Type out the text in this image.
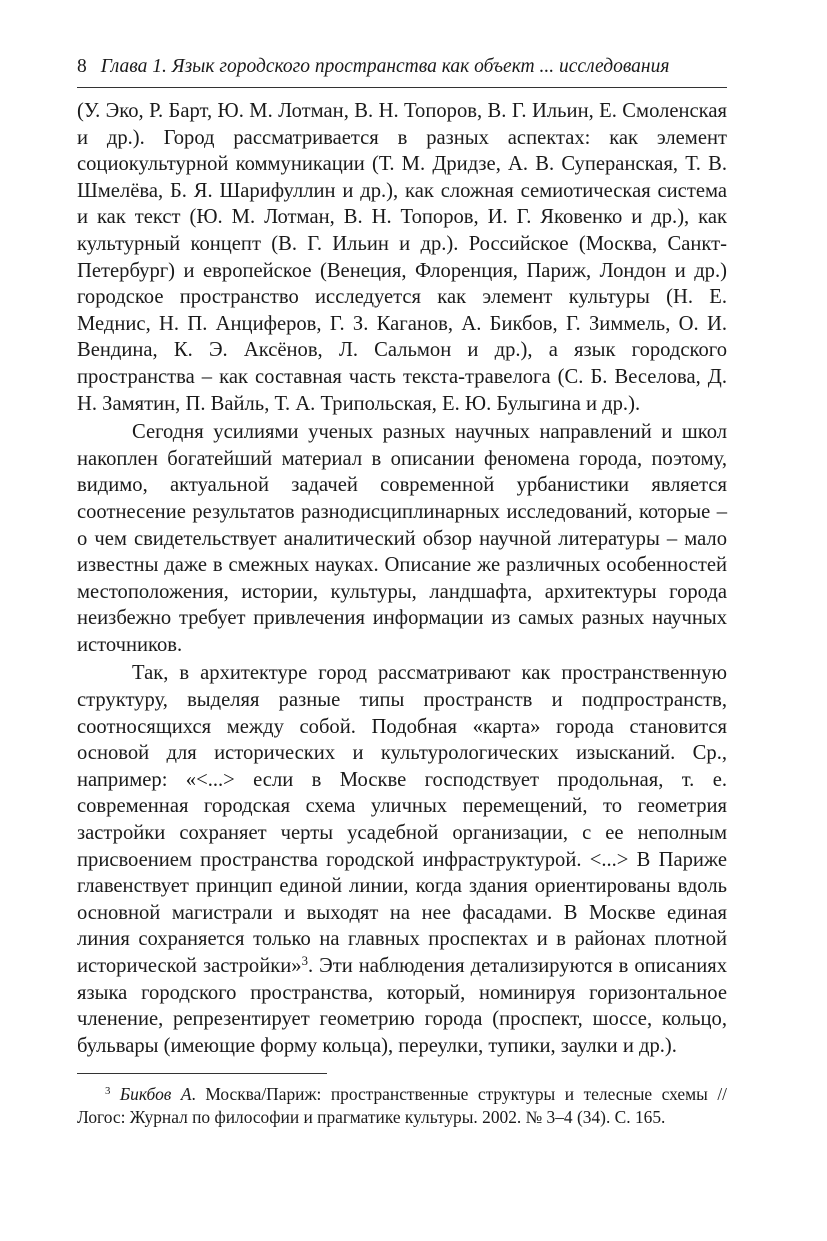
8 Глава 1. Язык городского пространства как объект ... исследования

(У. Эко, Р. Барт, Ю. М. Лотман, В. Н. Топоров, В. Г. Ильин, Е. Смоленская и др.). Город рассматривается в разных аспектах: как элемент социокультурной коммуникации (Т. М. Дридзе, А. В. Суперанская, Т. В. Шмелёва, Б. Я. Шарифуллин и др.), как сложная семиотическая система и как текст (Ю. М. Лотман, В. Н. Топоров, И. Г. Яковенко и др.), как культурный концепт (В. Г. Ильин и др.). Российское (Москва, Санкт-Петербург) и европейское (Венеция, Флоренция, Париж, Лондон и др.) городское пространство исследуется как элемент культуры (Н. Е. Меднис, Н. П. Анциферов, Г. З. Каганов, А. Бикбов, Г. Зиммель, О. И. Вендина, К. Э. Аксёнов, Л. Сальмон и др.), а язык городского пространства – как составная часть текста-травелога (С. Б. Веселова, Д. Н. Замятин, П. Вайль, Т. А. Трипольская, Е. Ю. Булыгина и др.).

Сегодня усилиями ученых разных научных направлений и школ накоплен богатейший материал в описании феномена города, поэтому, видимо, актуальной задачей современной урбанистики является соотнесение результатов разнодисциплинарных исследований, которые – о чем свидетельствует аналитический обзор научной литературы – мало известны даже в смежных науках. Описание же различных особенностей местоположения, истории, культуры, ландшафта, архитектуры города неизбежно требует привлечения информации из самых разных научных источников.

Так, в архитектуре город рассматривают как пространственную структуру, выделяя разные типы пространств и подпространств, соотносящихся между собой. Подобная «карта» города становится основой для исторических и культурологических изысканий. Ср., например: «<...> если в Москве господствует продольная, т. е. современная городская схема уличных перемещений, то геометрия застройки сохраняет черты усадебной организации, с ее неполным присвоением пространства городской инфраструктурой. <...> В Париже главенствует принцип единой линии, когда здания ориентированы вдоль основной магистрали и выходят на нее фасадами. В Москве единая линия сохраняется только на главных проспектах и в районах плотной исторической застройки»$^3$. Эти наблюдения детализируются в описаниях языка городского пространства, который, номинируя горизонтальное членение, репрезентирует геометрию города (проспект, шоссе, кольцо, бульвары (имеющие форму кольца), переулки, тупики, заулки и др.).

$^3$ Бикбов А. Москва/Париж: пространственные структуры и телесные схемы // Логос: Журнал по философии и прагматике культуры. 2002. № 3–4 (34). С. 165.
